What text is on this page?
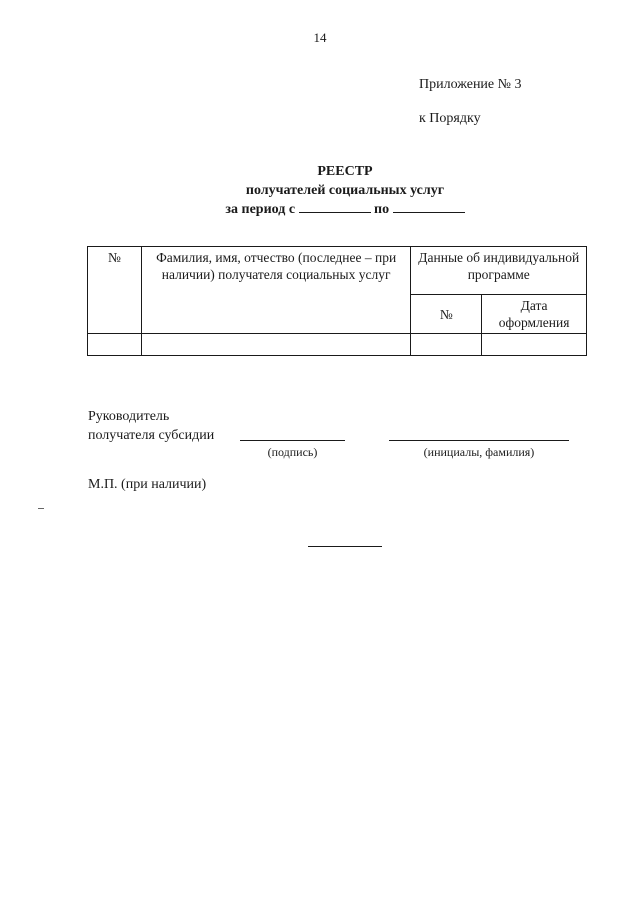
14
Приложение № 3
к Порядку
РЕЕСТР
получателей социальных услуг
за период с	по
№	Фамилия, имя, отчество (последнее – при наличии) получателя социальных услуг	Данные об индивидуальной программе	
		№	Дата оформления

Руководитель
получателя субсидии
(подпись)	(инициалы, фамилия)
М.П. (при наличии)
